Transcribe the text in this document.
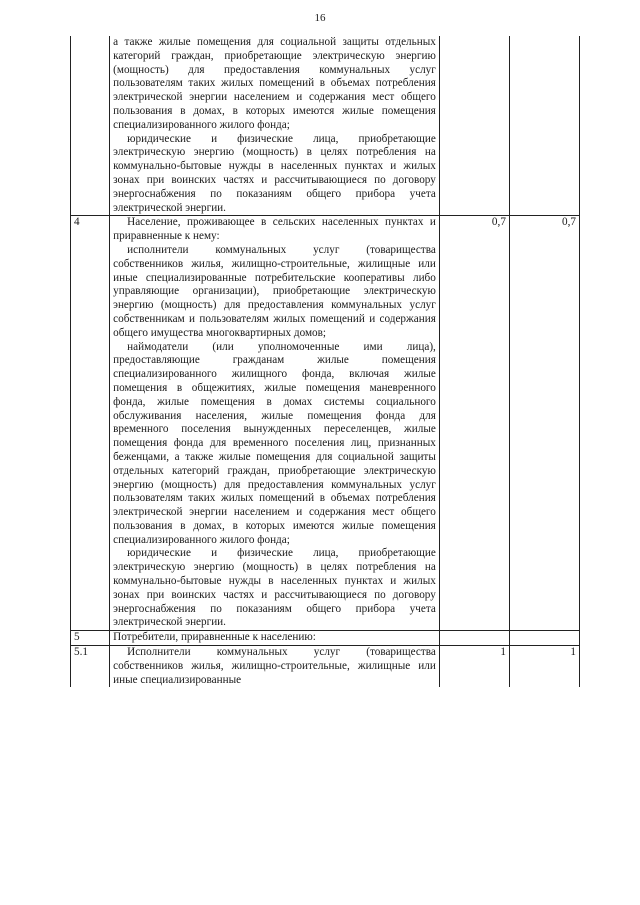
16

	а также жилые помещения для социальной защиты отдельных категорий граждан, приобретающие электрическую энергию (мощность) для предоставления коммунальных услуг пользователям таких жилых помещений в объемах потребления электрической энергии населением и содержания мест общего пользования в домах, в которых имеются жилые помещения специализированного жилого фонда;

юридические и физические лица, приобретающие электрическую энергию (мощность) в целях потребления на коммунально-бытовые нужды в населенных пунктах и жилых зонах при воинских частях и рассчитывающиеся по договору энергоснабжения по показаниям общего прибора учета электрической энергии.		

4	Население, проживающее в сельских населенных пунктах и приравненные к нему:

исполнители коммунальных услуг (товарищества собственников жилья, жилищно-строительные, жилищные или иные специализированные потребительские кооперативы либо управляющие организации), приобретающие электрическую энергию (мощность) для предоставления коммунальных услуг собственникам и пользователям жилых помещений и содержания общего имущества многоквартирных домов;

наймодатели (или уполномоченные ими лица), предоставляющие гражданам жилые помещения специализированного жилищного фонда, включая жилые помещения в общежитиях, жилые помещения маневренного фонда, жилые помещения в домах системы социального обслуживания населения, жилые помещения фонда для временного поселения вынужденных переселенцев, жилые помещения фонда для временного поселения лиц, признанных беженцами, а также жилые помещения для социальной защиты отдельных категорий граждан, приобретающие электрическую энергию (мощность) для предоставления коммунальных услуг пользователям таких жилых помещений в объемах потребления электрической энергии населением и содержания мест общего пользования в домах, в которых имеются жилые помещения специализированного жилого фонда;

юридические и физические лица, приобретающие электрическую энергию (мощность) в целях потребления на коммунально-бытовые нужды в населенных пунктах и жилых зонах при воинских частях и рассчитывающиеся по договору энергоснабжения по показаниям общего прибора учета электрической энергии.	0,7	0,7
5	Потребители, приравненные к населению:		

5.1	Исполнители коммунальных услуг (товарищества собственников жилья, жилищно-строительные, жилищные или иные специализированные	1	1
